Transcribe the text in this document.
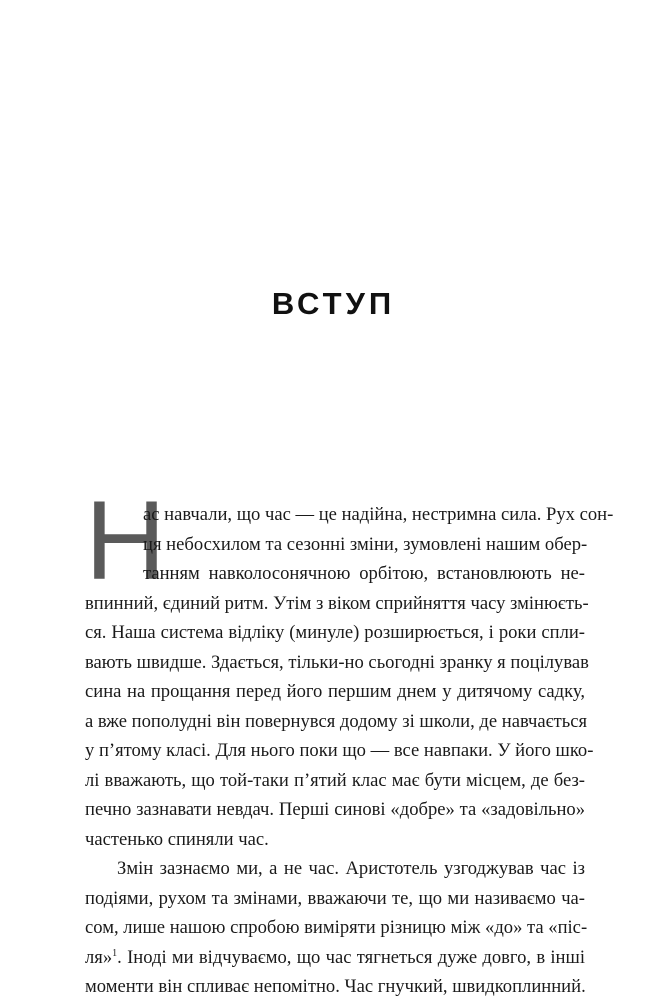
ВСТУП
Н
ас навчали, що час — це надійна, нестримна сила. Рух сон-
ця небосхилом та сезонні зміни, зумовлені нашим обер-
танням навколосонячною орбітою, встановлюють не-
впинний, єдиний ритм. Утім з віком сприйняття часу змінюєть-
ся. Наша система відліку (минуле) розширюється, і роки спли-
вають швидше. Здається, тільки-но сьогодні зранку я поцілував
сина на прощання перед його першим днем у дитячому садку,
а вже пополудні він повернувся додому зі школи, де навчається
у п’ятому класі. Для нього поки що — все навпаки. У його шко-
лі вважають, що той-таки п’ятий клас має бути місцем, де без-
печно зазнавати невдач. Перші синові «добре» та «задовільно»
частенько спиняли час.
Змін зазнаємо ми, а не час. Аристотель узгоджував час із
подіями, рухом та змінами, вважаючи те, що ми називаємо ча-
сом, лише нашою спробою виміряти різницю між «до» та «піс-
ля»$^1$. Іноді ми відчуваємо, що час тягнеться дуже довго, в інші
моменти він спливає непомітно. Час гнучкий, швидкоплинний.
